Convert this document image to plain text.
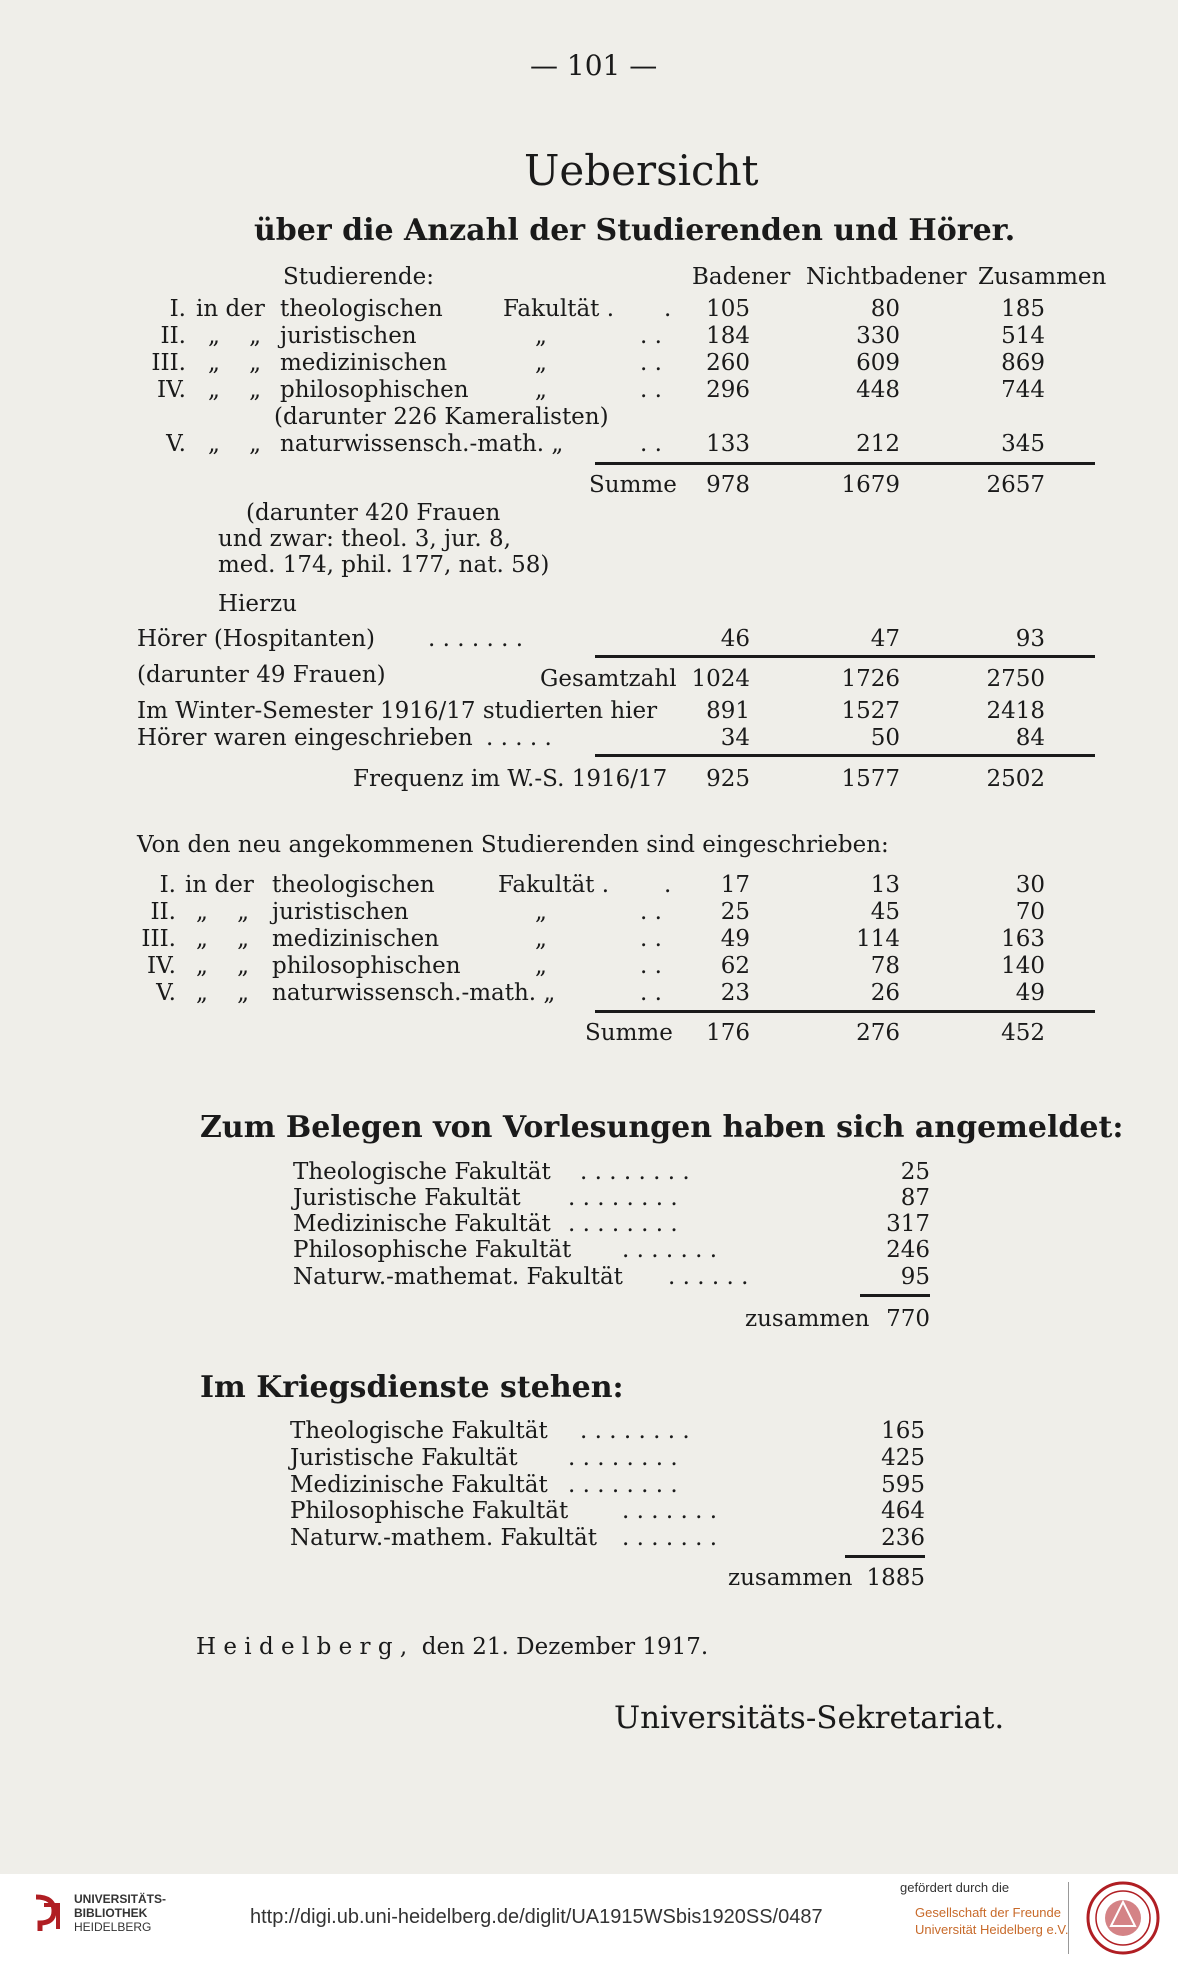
— 101 —
Uebersicht
über die Anzahl der Studierenden und Hörer.
Studierende:	Badener Nichtbadener Zusammen
I. in der theologischen	Fakultät . .	105	80	185
II. „    „ juristischen	„	. .	184	330	514
III. „    „ medizinischen	„	. .	260	609	869
IV. „    „ philosophischen	„	. .	296	448	744
(darunter 226 Kameralisten)
V. „    „ naturwissensch.-math. „	. .	133	212	345
Summe	978	1679	2657
(darunter 420 Frauen
und zwar: theol. 3, jur. 8,
med. 174, phil. 177, nat. 58)
Hierzu
Hörer (Hospitanten) . . . . . . .	46	47	93
(darunter 49 Frauen)	Gesamtzahl 1024	1726	2750
Im Winter-Semester 1916/17 studierten hier	891	1527	2418
Hörer waren eingeschrieben . . . . .	34	50	84
Frequenz im W.-S. 1916/17	925	1577	2502
Von den neu angekommenen Studierenden sind eingeschrieben:
I. in der theologischen	Fakultät . .	17	13	30
II. „    „ juristischen	„	. .	25	45	70
III. „    „ medizinischen	„	. .	49	114	163
IV. „    „ philosophischen	„	. .	62	78	140
V. „    „ naturwissensch.-math. „	. .	23	26	49
Summe	176	276	452
Zum Belegen von Vorlesungen haben sich angemeldet:
Theologische Fakultät . . . . . . . .	25
Juristische Fakultät . . . . . . . .	87
Medizinische Fakultät . . . . . . . .	317
Philosophische Fakultät . . . . . . .	246
Naturw.-mathemat. Fakultät . . . . . .	95
zusammen 770
Im Kriegsdienste stehen:
Theologische Fakultät . . . . . . . .	165
Juristische Fakultät . . . . . . . .	425
Medizinische Fakultät . . . . . . . .	595
Philosophische Fakultät . . . . . . .	464
Naturw.-mathem. Fakultät . . . . . . .	236
zusammen 1885
H e i d e l b e r g ,  den 21. Dezember 1917.
Universitäts-Sekretariat.
UNIVERSITÄTS-
BIBLIOTHEK
HEIDELBERG	http://digi.ub.uni-heidelberg.de/diglit/UA1915WSbis1920SS/0487
gefördert durch die
Gesellschaft der Freunde
Universität Heidelberg e.V.
